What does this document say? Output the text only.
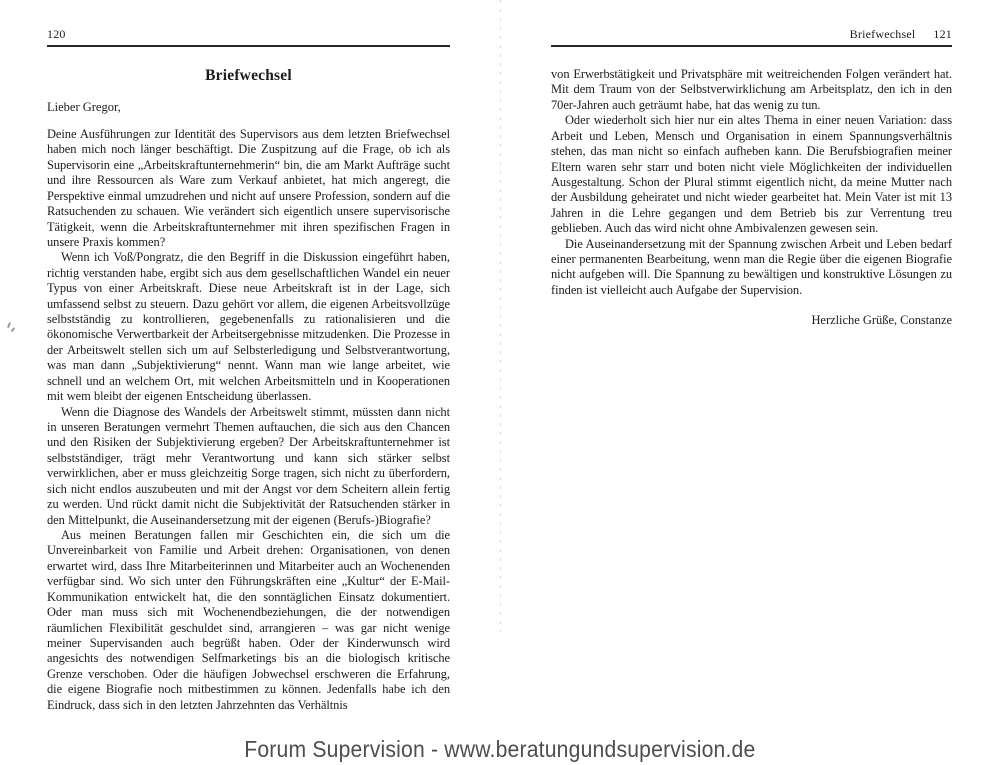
120
Briefwechsel
Lieber Gregor,

Deine Ausführungen zur Identität des Supervisors aus dem letzten Briefwechsel haben mich noch länger beschäftigt. Die Zuspitzung auf die Frage, ob ich als Supervisorin eine „Arbeitskraftunternehmerin“ bin, die am Markt Aufträge sucht und ihre Ressourcen als Ware zum Verkauf anbietet, hat mich angeregt, die Perspektive einmal umzudrehen und nicht auf unsere Profession, sondern auf die Ratsuchenden zu schauen. Wie verändert sich eigentlich unsere supervisorische Tätigkeit, wenn die Arbeitskraftunternehmer mit ihren spezifischen Fragen in unsere Praxis kommen?

Wenn ich Voß/Pongratz, die den Begriff in die Diskussion eingeführt haben, richtig verstanden habe, ergibt sich aus dem gesellschaftlichen Wandel ein neuer Typus von einer Arbeitskraft. Diese neue Arbeitskraft ist in der Lage, sich umfassend selbst zu steuern. Dazu gehört vor allem, die eigenen Arbeitsvollzüge selbstständig zu kontrollieren, gegebenenfalls zu rationalisieren und die ökonomische Verwertbarkeit der Arbeitsergebnisse mitzudenken. Die Prozesse in der Arbeitswelt stellen sich um auf Selbsterledigung und Selbstverantwortung, was man dann „Subjektivierung“ nennt. Wann man wie lange arbeitet, wie schnell und an welchem Ort, mit welchen Arbeitsmitteln und in Kooperationen mit wem bleibt der eigenen Entscheidung überlassen.

Wenn die Diagnose des Wandels der Arbeitswelt stimmt, müssten dann nicht in unseren Beratungen vermehrt Themen auftauchen, die sich aus den Chancen und den Risiken der Subjektivierung ergeben? Der Arbeitskraftunternehmer ist selbstständiger, trägt mehr Verantwortung und kann sich stärker selbst verwirklichen, aber er muss gleichzeitig Sorge tragen, sich nicht zu überfordern, sich nicht endlos auszubeuten und mit der Angst vor dem Scheitern allein fertig zu werden. Und rückt damit nicht die Subjektivität der Ratsuchenden stärker in den Mittelpunkt, die Auseinandersetzung mit der eigenen (Berufs-)Biografie?

Aus meinen Beratungen fallen mir Geschichten ein, die sich um die Unvereinbarkeit von Familie und Arbeit drehen: Organisationen, von denen erwartet wird, dass Ihre Mitarbeiterinnen und Mitarbeiter auch an Wochenenden verfügbar sind. Wo sich unter den Führungskräften eine „Kultur“ der E-Mail-Kommunikation entwickelt hat, die den sonntäglichen Einsatz dokumentiert. Oder man muss sich mit Wochenendbeziehungen, die der notwendigen räumlichen Flexibilität geschuldet sind, arrangieren – was gar nicht wenige meiner Supervisanden auch begrüßt haben. Oder der Kinderwunsch wird angesichts des notwendigen Selfmarketings bis an die biologisch kritische Grenze verschoben. Oder die häufigen Jobwechsel erschweren die Erfahrung, die eigene Biografie noch mitbestimmen zu können. Jedenfalls habe ich den Eindruck, dass sich in den letzten Jahrzehnten das Verhältnis

Briefwechsel 121

von Erwerbstätigkeit und Privatsphäre mit weitreichenden Folgen verändert hat. Mit dem Traum von der Selbstverwirklichung am Arbeitsplatz, den ich in den 70er-Jahren auch geträumt habe, hat das wenig zu tun.

Oder wiederholt sich hier nur ein altes Thema in einer neuen Variation: dass Arbeit und Leben, Mensch und Organisation in einem Spannungsverhältnis stehen, das man nicht so einfach aufheben kann. Die Berufsbiografien meiner Eltern waren sehr starr und boten nicht viele Möglichkeiten der individuellen Ausgestaltung. Schon der Plural stimmt eigentlich nicht, da meine Mutter nach der Ausbildung geheiratet und nicht wieder gearbeitet hat. Mein Vater ist mit 13 Jahren in die Lehre gegangen und dem Betrieb bis zur Verrentung treu geblieben. Auch das wird nicht ohne Ambivalenzen gewesen sein.

Die Auseinandersetzung mit der Spannung zwischen Arbeit und Leben bedarf einer permanenten Bearbeitung, wenn man die Regie über die eigenen Biografie nicht aufgeben will. Die Spannung zu bewältigen und konstruktive Lösungen zu finden ist vielleicht auch Aufgabe der Supervision.

Herzliche Grüße, Constanze
Forum Supervision - www.beratungundsupervision.de
